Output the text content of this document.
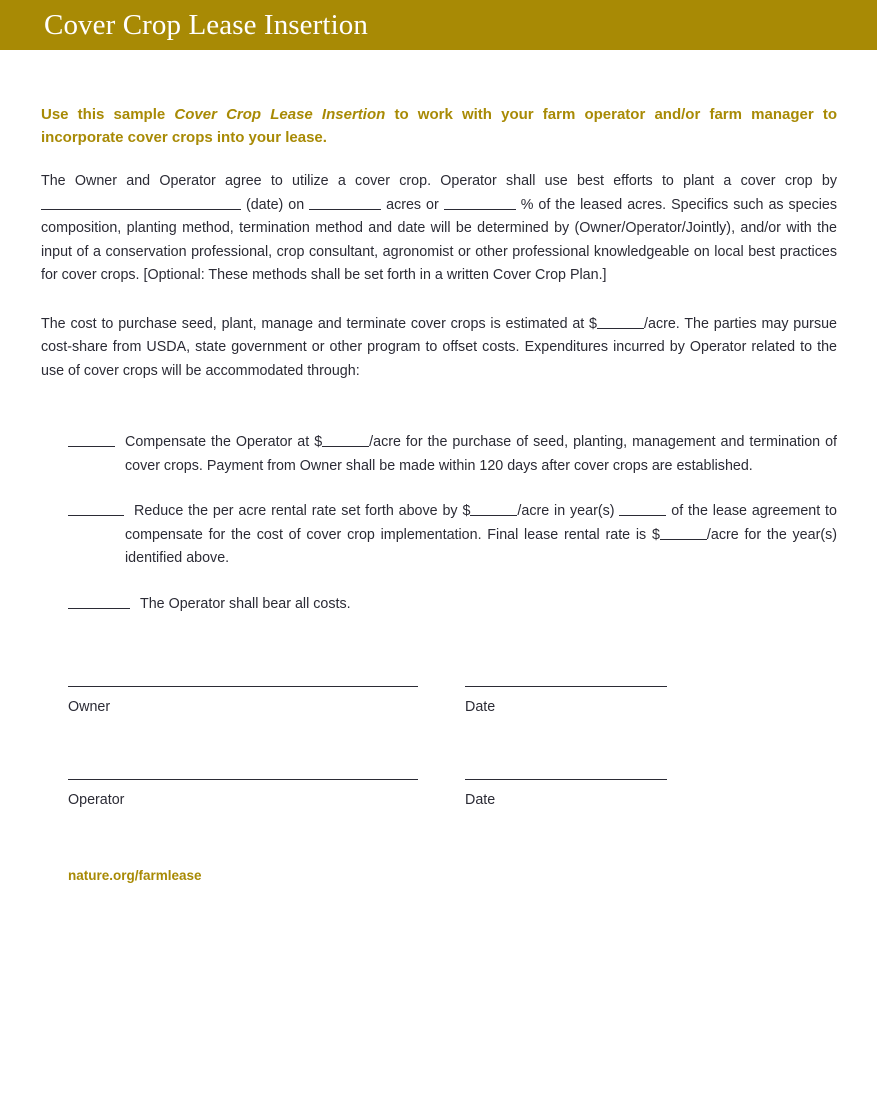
Cover Crop Lease Insertion

Use this sample Cover Crop Lease Insertion to work with your farm operator and/or farm manager to incorporate cover crops into your lease.

The Owner and Operator agree to utilize a cover crop. Operator shall use best efforts to plant a cover crop by  (date) on	acres or	% of the leased acres. Specifics such as species composition, planting method, termination method and date will be determined by (Owner/Operator/Jointly), and/or with the input of a conservation professional, crop consultant, agronomist or other professional knowledgeable on local best practices for cover crops. [Optional: These methods shall be set forth in a written Cover Crop Plan.]

The cost to purchase seed, plant, manage and terminate cover crops is estimated at $	/acre. The parties may pursue cost-share from USDA, state government or other program to offset costs. Expenditures incurred by Operator related to the use of cover crops will be accommodated through:

Compensate the Operator at $	/acre for the purchase of seed, planting, management and termination of cover crops. Payment from Owner shall be made within 120 days after cover crops are established.
Reduce the per acre rental rate set forth above by $	/acre in year(s)	of the lease agreement to compensate for the cost of cover crop implementation. Final lease rental rate is $	/acre for the year(s) identified above.
The Operator shall bear all costs.
Owner	Date
Operator	Date
nature.org/farmlease
